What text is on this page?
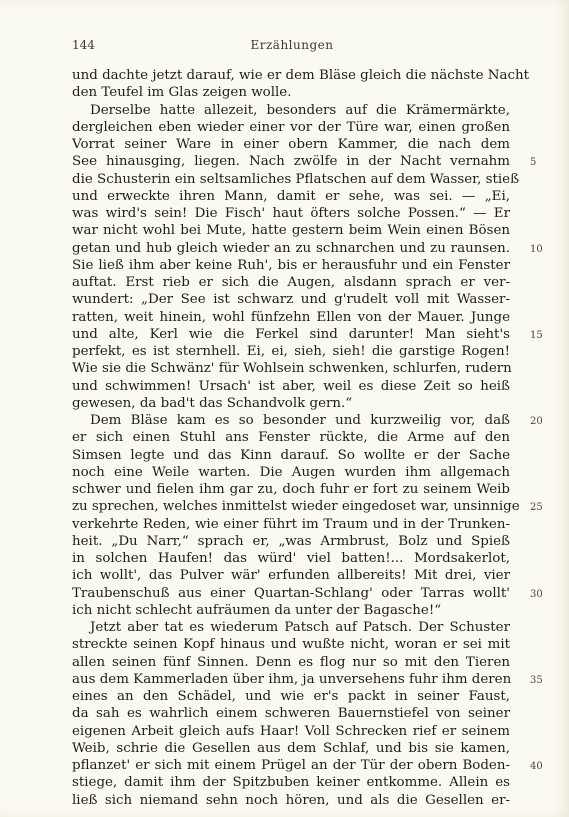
144	Erzählungen
und dachte jetzt darauf, wie er dem Bläse gleich die nächste Nacht
den Teufel im Glas zeigen wolle.
Derselbe hatte allezeit, besonders auf die Krämermärkte,
dergleichen eben wieder einer vor der Türe war, einen großen
Vorrat seiner Ware in einer obern Kammer, die nach dem
See hinausging, liegen. Nach zwölfe in der Nacht vernahm
die Schusterin ein seltsamliches Pflatschen auf dem Wasser, stieß
und erweckte ihren Mann, damit er sehe, was sei. — „Ei,
was wird's sein! Die Fisch' haut öfters solche Possen.“ — Er
war nicht wohl bei Mute, hatte gestern beim Wein einen Bösen
getan und hub gleich wieder an zu schnarchen und zu raunsen.
Sie ließ ihm aber keine Ruh', bis er herausfuhr und ein Fenster
auftat. Erst rieb er sich die Augen, alsdann sprach er ver-
wundert: „Der See ist schwarz und g'rudelt voll mit Wasser-
ratten, weit hinein, wohl fünfzehn Ellen von der Mauer. Junge
und alte, Kerl wie die Ferkel sind darunter! Man sieht's
perfekt, es ist sternhell. Ei, ei, sieh, sieh! die garstige Rogen!
Wie sie die Schwänz' für Wohlsein schwenken, schlurfen, rudern
und schwimmen! Ursach' ist aber, weil es diese Zeit so heiß
gewesen, da bad't das Schandvolk gern.“
Dem Bläse kam es so besonder und kurzweilig vor, daß
er sich einen Stuhl ans Fenster rückte, die Arme auf den
Simsen legte und das Kinn darauf. So wollte er der Sache
noch eine Weile warten. Die Augen wurden ihm allgemach
schwer und fielen ihm gar zu, doch fuhr er fort zu seinem Weib
zu sprechen, welches inmittelst wieder eingedoset war, unsinnige
verkehrte Reden, wie einer führt im Traum und in der Trunken-
heit. „Du Narr,“ sprach er, „was Armbrust, Bolz und Spieß
in solchen Haufen! das würd' viel batten!... Mordsakerlot,
ich wollt', das Pulver wär' erfunden allbereits! Mit drei, vier
Traubenschuß aus einer Quartan-Schlang' oder Tarras wollt'
ich nicht schlecht aufräumen da unter der Bagasche!“
Jetzt aber tat es wiederum Patsch auf Patsch. Der Schuster
streckte seinen Kopf hinaus und wußte nicht, woran er sei mit
allen seinen fünf Sinnen. Denn es flog nur so mit den Tieren
aus dem Kammerladen über ihm, ja unversehens fuhr ihm deren
eines an den Schädel, und wie er's packt in seiner Faust,
da sah es wahrlich einem schweren Bauernstiefel von seiner
eigenen Arbeit gleich aufs Haar! Voll Schrecken rief er seinem
Weib, schrie die Gesellen aus dem Schlaf, und bis sie kamen,
pflanzet' er sich mit einem Prügel an der Tür der obern Boden-
stiege, damit ihm der Spitzbuben keiner entkomme. Allein es
ließ sich niemand sehn noch hören, und als die Gesellen er-
5
10
15
20
25
30
35
40
